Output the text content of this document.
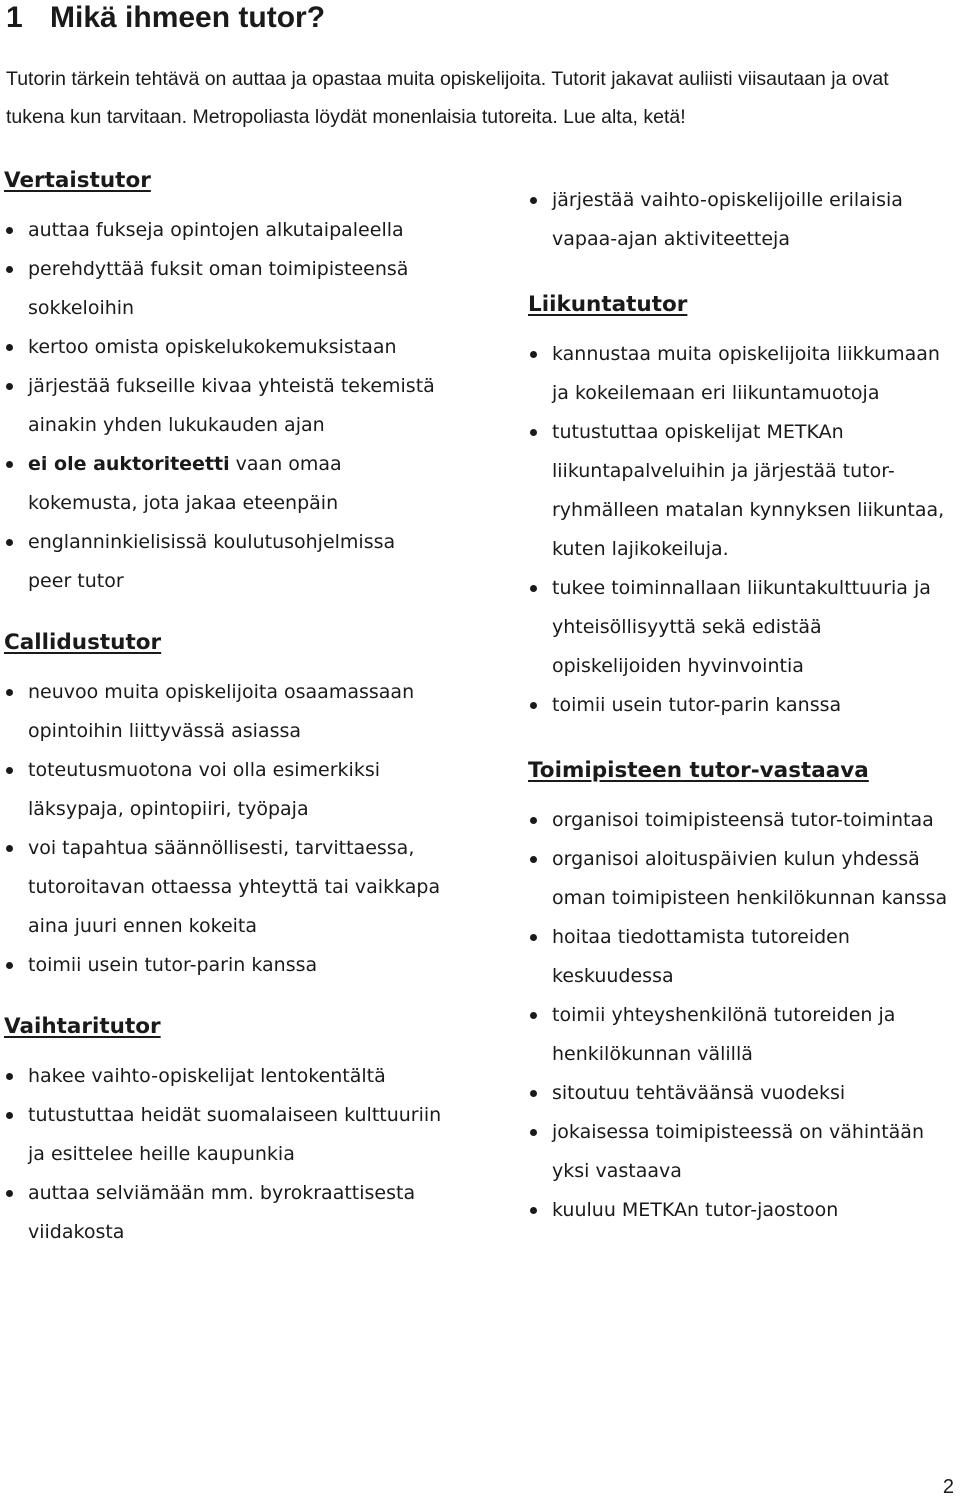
1 Mikä ihmeen tutor?

Tutorin tärkein tehtävä on auttaa ja opastaa muita opiskelijoita. Tutorit jakavat auliisti viisautaan ja ovat tukena kun tarvitaan. Metropoliasta löydät monenlaisia tutoreita. Lue alta, ketä!

Vertaistutor
auttaa fukseja opintojen alkutaipaleella
perehdyttää fuksit oman toimipisteensä sokkeloihin
kertoo omista opiskelukokemuksistaan
järjestää fukseille kivaa yhteistä tekemistä ainakin yhden lukukauden ajan
ei ole auktoriteetti vaan omaa kokemusta, jota jakaa eteenpäin
englanninkielisissä koulutusohjelmissa peer tutor
Callidustutor
neuvoo muita opiskelijoita osaamassaan opintoihin liittyvässä asiassa
toteutusmuotona voi olla esimerkiksi läksypaja, opintopiiri, työpaja
voi tapahtua säännöllisesti, tarvittaessa, tutoroitavan ottaessa yhteyttä tai vaikkapa aina juuri ennen kokeita
toimii usein tutor-parin kanssa
Vaihtaritutor
hakee vaihto-opiskelijat lentokentältä
tutustuttaa heidät suomalaiseen kulttuuriin ja esittelee heille kaupunkia
auttaa selviämään mm. byrokraattisesta viidakosta
järjestää vaihto-opiskelijoille erilaisia vapaa-ajan aktiviteetteja
Liikuntatutor
kannustaa muita opiskelijoita liikkumaan ja kokeilemaan eri liikuntamuotoja
tutustuttaa opiskelijat METKAn liikuntapalveluihin ja järjestää tutor-ryhmälleen matalan kynnyksen liikuntaa, kuten lajikokeiluja.
tukee toiminnallaan liikuntakulttuuria ja yhteisöllisyyttä sekä edistää opiskelijoiden hyvinvointia
toimii usein tutor-parin kanssa
Toimipisteen tutor-vastaava
organisoi toimipisteensä tutor-toimintaa
organisoi aloituspäivien kulun yhdessä oman toimipisteen henkilökunnan kanssa
hoitaa tiedottamista tutoreiden keskuudessa
toimii yhteyshenkilönä tutoreiden ja henkilökunnan välillä
sitoutuu tehtäväänsä vuodeksi
jokaisessa toimipisteessä on vähintään yksi vastaava
kuuluu METKAn tutor-jaostoon
2
